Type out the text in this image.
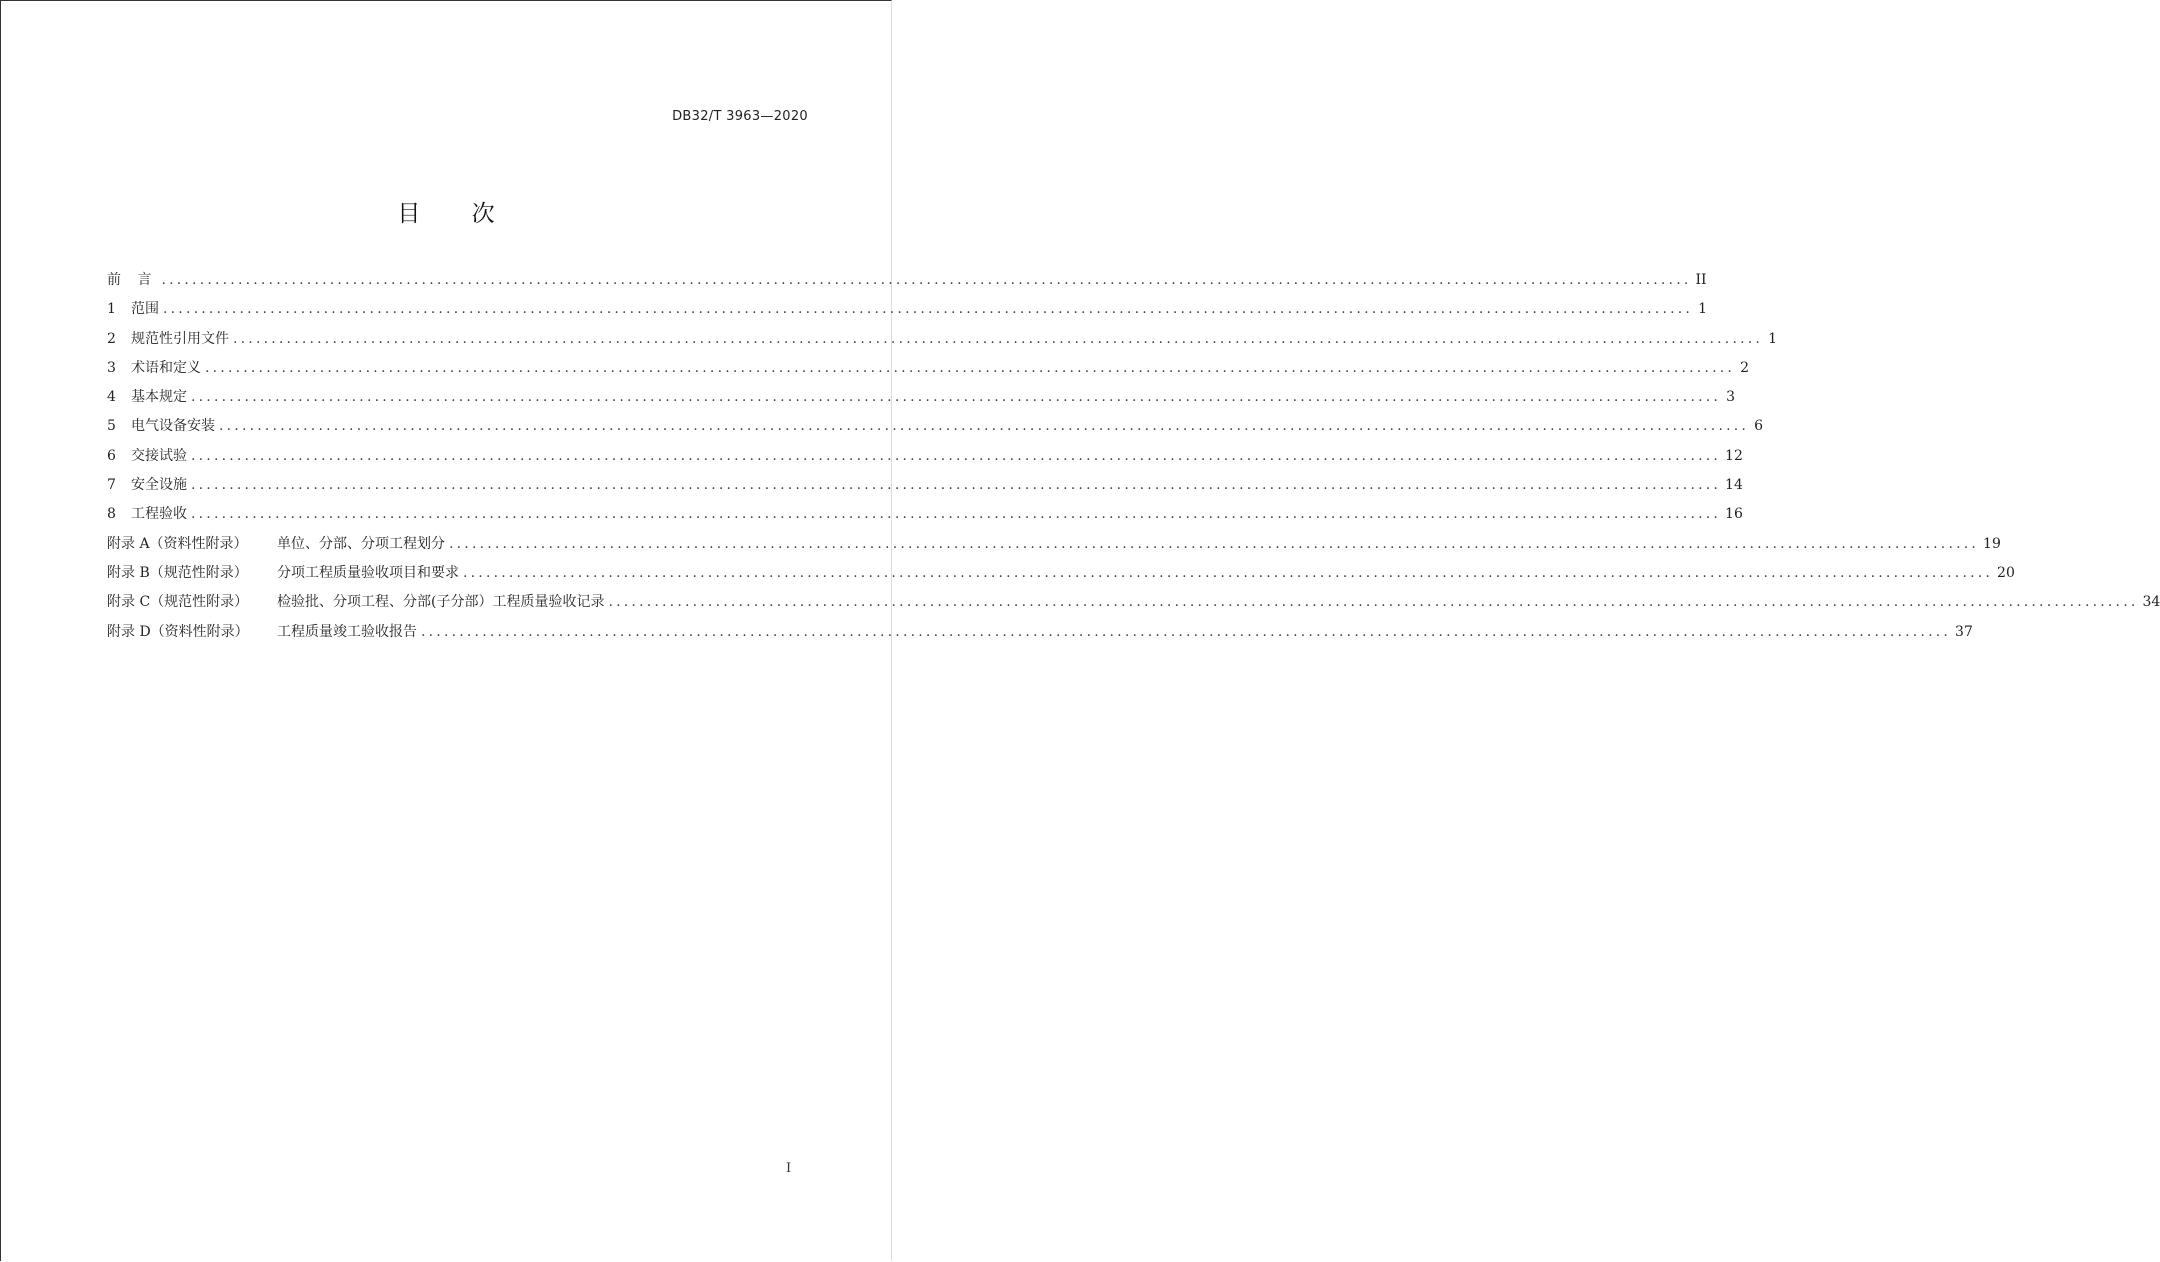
DB32/T 3963—2020
目 次
前 言 ........................................................................................................................................................................................................ II
1	范围 ........................................................................................................................................................................................................ 1
2	规范性引用文件 ........................................................................................................................................................................................................ 1
3	术语和定义 ........................................................................................................................................................................................................ 2
4	基本规定 ........................................................................................................................................................................................................ 3
5	电气设备安装 ........................................................................................................................................................................................................ 6
6	交接试验 ........................................................................................................................................................................................................ 12
7	安全设施 ........................................................................................................................................................................................................ 14
8	工程验收 ........................................................................................................................................................................................................ 16
附录 A（资料性附录）	单位、分部、分项工程划分 ........................................................................................................................................................................................................ 19
附录 B（规范性附录）	分项工程质量验收项目和要求 ........................................................................................................................................................................................................ 20
附录 C（规范性附录）	检验批、分项工程、分部(子分部）工程质量验收记录 ........................................................................................................................................................................................................ 34
附录 D（资料性附录）	工程质量竣工验收报告 ........................................................................................................................................................................................................ 37
I
